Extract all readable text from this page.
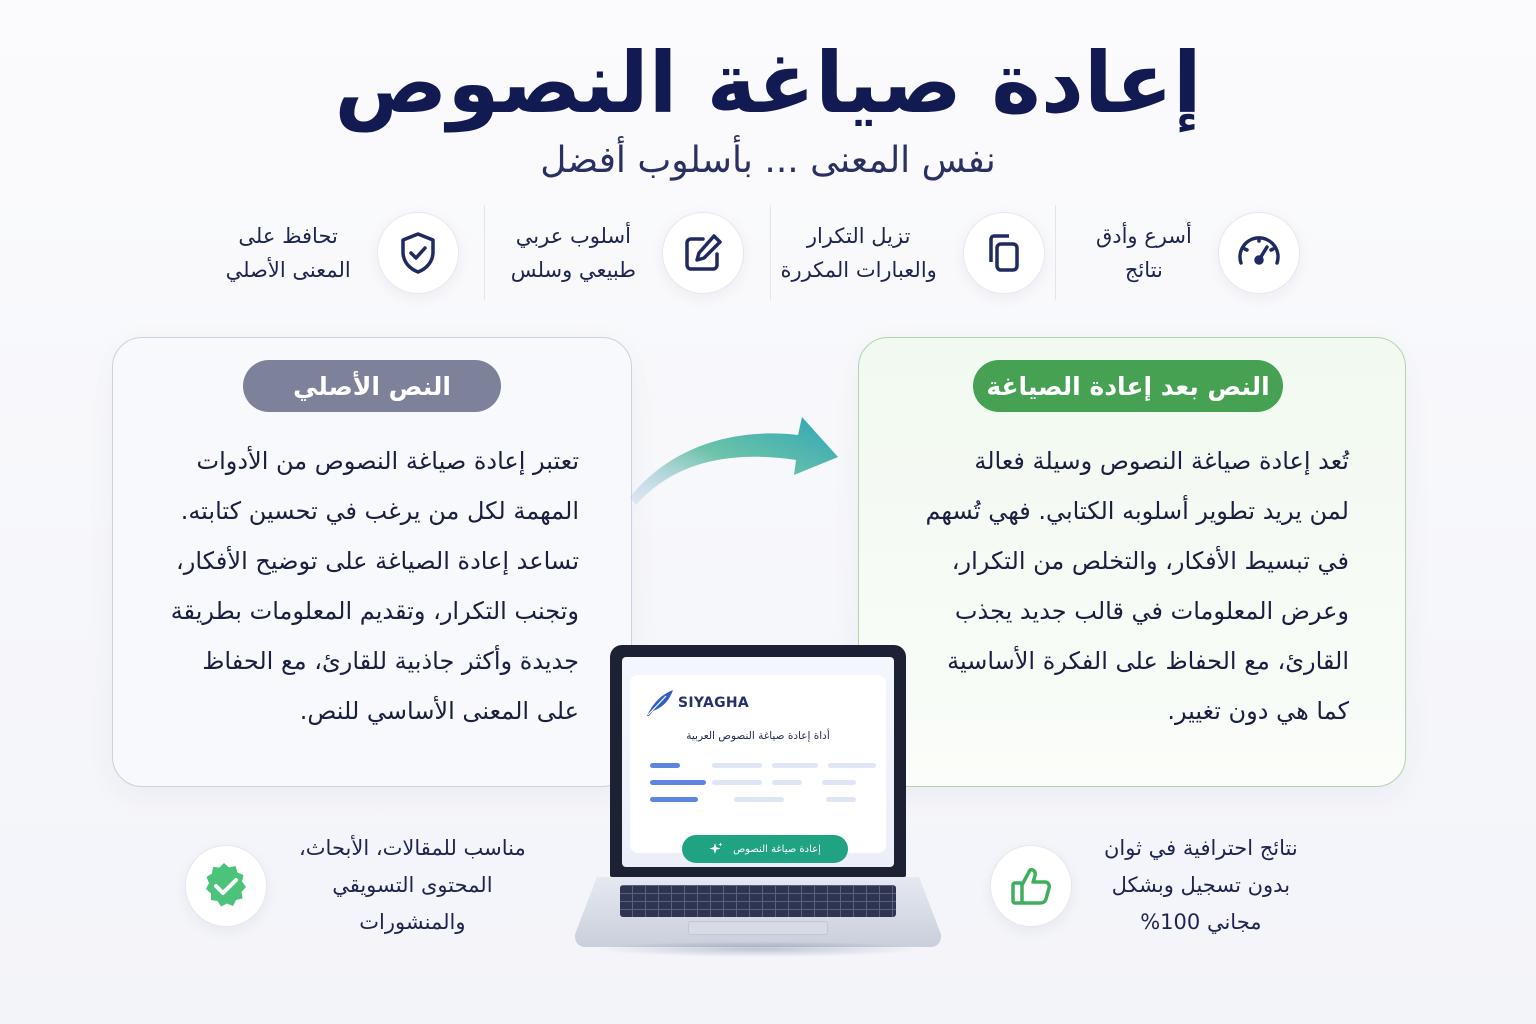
إعادة صياغة النصوص
نفس المعنى ... بأسلوب أفضل
أسرع وأدق
نتائج
تزيل التكرار
والعبارات المكررة
أسلوب عربي
طبيعي وسلس
تحافظ على
المعنى الأصلي
النص الأصلي
تعتبر إعادة صياغة النصوص من الأدوات
المهمة لكل من يرغب في تحسين كتابته.
تساعد إعادة الصياغة على توضيح الأفكار،
وتجنب التكرار، وتقديم المعلومات بطريقة
جديدة وأكثر جاذبية للقارئ، مع الحفاظ
على المعنى الأساسي للنص.
النص بعد إعادة الصياغة
تُعد إعادة صياغة النصوص وسيلة فعالة
لمن يريد تطوير أسلوبه الكتابي. فهي تُسهم
في تبسيط الأفكار، والتخلص من التكرار،
وعرض المعلومات في قالب جديد يجذب
القارئ، مع الحفاظ على الفكرة الأساسية
كما هي دون تغيير.
SIYAGHA
أداة إعادة صياغة النصوص العربية
إعادة صياغة النصوص
مناسب للمقالات، الأبحاث،
المحتوى التسويقي
والمنشورات
نتائج احترافية في ثوان
بدون تسجيل وبشكل
مجاني 100%
